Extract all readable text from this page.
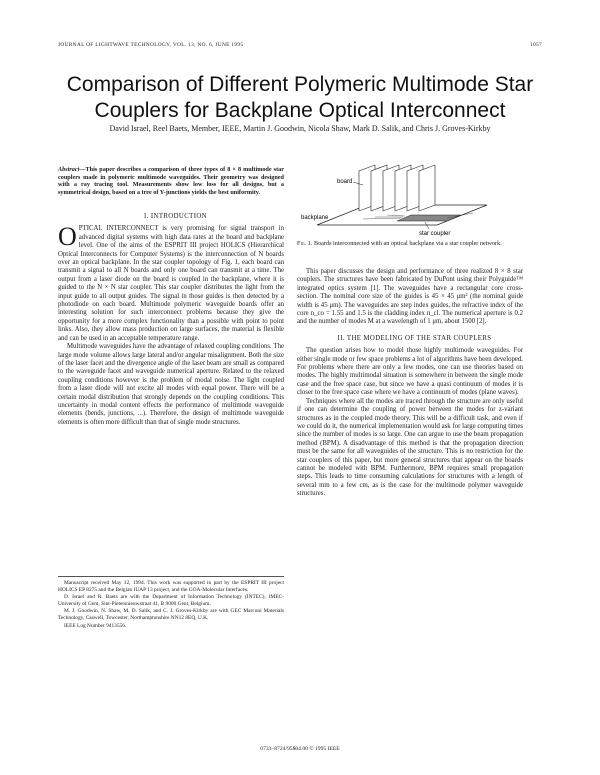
JOURNAL OF LIGHTWAVE TECHNOLOGY, VOL. 13, NO. 6, JUNE 1995	1057
Comparison of Different Polymeric Multimode Star Couplers for Backplane Optical Interconnect
David Israel, Reel Baets, Member, IEEE, Martin J. Goodwin, Nicola Shaw, Mark D. Salik, and Chris J. Groves-Kirkby
Abstract—This paper describes a comparison of three types of 8 × 8 multimode star couplers made in polymeric multimode waveguides. Their geometry was designed with a ray tracing tool. Measurements show low loss for all designs, but a symmetrical design, based on a tree of Y-junctions yields the best uniformity.

I. INTRODUCTION

OPTICAL INTERCONNECT is very promising for signal transport in advanced digital systems with high data rates at the board and backplane level. One of the aims of the ESPRIT III project HOLICS (Hierarchical Optical Interconnects for Computer Systems) is the interconnection of N boards over an optical backplane. In the star coupler topology of Fig. 1, each board can transmit a signal to all N boards and only one board can transmit at a time. The output from a laser diode on the board is coupled in the backplane, where it is guided to the N × N star coupler. This star coupler distributes the light from the input guide to all output guides. The signal in those guides is then detected by a photodiode on each board. Multimode polymeric waveguide boards offer an interesting solution for such interconnect problems because they give the opportunity for a more complex functionality than a possible with point to point links. Also, they allow mass production on large surfaces, the material is flexible and can be used in an acceptable temperature range.

Multimode waveguides have the advantage of relaxed coupling conditions. The large mode volume allows large lateral and/or angular misalignment. Both the size of the laser facet and the divergence angle of the laser beam are small as compared to the waveguide facet and waveguide numerical aperture. Related to the relaxed coupling conditions however is the problem of modal noise. The light coupled from a laser diode will not excite all modes with equal power. There will be a certain modal distribution that strongly depends on the coupling conditions. This uncertainty in modal content effects the performance of multimode waveguide elements (bends, junctions, ...). Therefore, the design of multimode waveguide elements is often more difficult than that of single mode structures.

Manuscript received May 12, 1994. This work was supported in part by the ESPRIT III project HOLICS EP 8275 and the Belgian IUAP 13 project, and the GOA-Molecular Interfaces.

D. Israel and R. Baets are with the Department of Information Technology (INTEC), IMEC-University of Gent, Sint-Pietersnieuwstraat 41, B 9000 Gent, Belgium.

M. J. Goodwin, N. Shaw, M. D. Salik, and C. J. Groves-Kirkby are with GEC Marconi Materials Technology, Caswell, Towcester, Northamptonshire NN12 8EQ, U.K.

IEEE Log Number 9413556.

board
backplane
star coupler
Fig. 1. Boards interconnected with an optical backplane via a star coupler network.

This paper discusses the design and performance of three realized 8 × 8 star couplers. The structures have been fabricated by DuPont using their Polyguide™ integrated optics system [1]. The waveguides have a rectangular core cross-section. The nominal core size of the guides is 45 × 45 μm² (the nominal guide width is 45 μm). The waveguides are step index guides, the refractive index of the core n_co = 1.55 and 1.5 is the cladding index n_cl. The numerical aperture is 0.2 and the number of modes M at a wavelength of 1 μm, about 1500 [2].

II. THE MODELING OF THE STAR COUPLERS

The question arises how to model those highly multimode waveguides. For either single mode or few space problems a lot of algorithms have been developed. For problems where there are only a few modes, one can use theories based on modes. The highly multimodal situation is somewhere in between the single mode case and the free space case, but since we have a quasi continuum of modes it is closer to the free space case where we have a continuum of modes (plane waves).

Techniques where all the modes are traced through the structure are only useful if one can determine the coupling of power between the modes for z-variant structures as in the coupled mode theory. This will be a difficult task, and even if we could do it, the numerical implementation would ask for large computing times since the number of modes is so large. One can argue to use the beam propagation method (BPM). A disadvantage of this method is that the propagation direction must be the same for all waveguides of the structure. This is no restriction for the star couplers of this paper, but more general structures that appear on the boards cannot be modeled with BPM. Furthermore, BPM requires small propagation steps. This leads to time consuming calculations for structures with a length of several mm to a few cm, as is the case for the multimode polymer waveguide structures.

0733–8724/95$04.00 © 1995 IEEE
